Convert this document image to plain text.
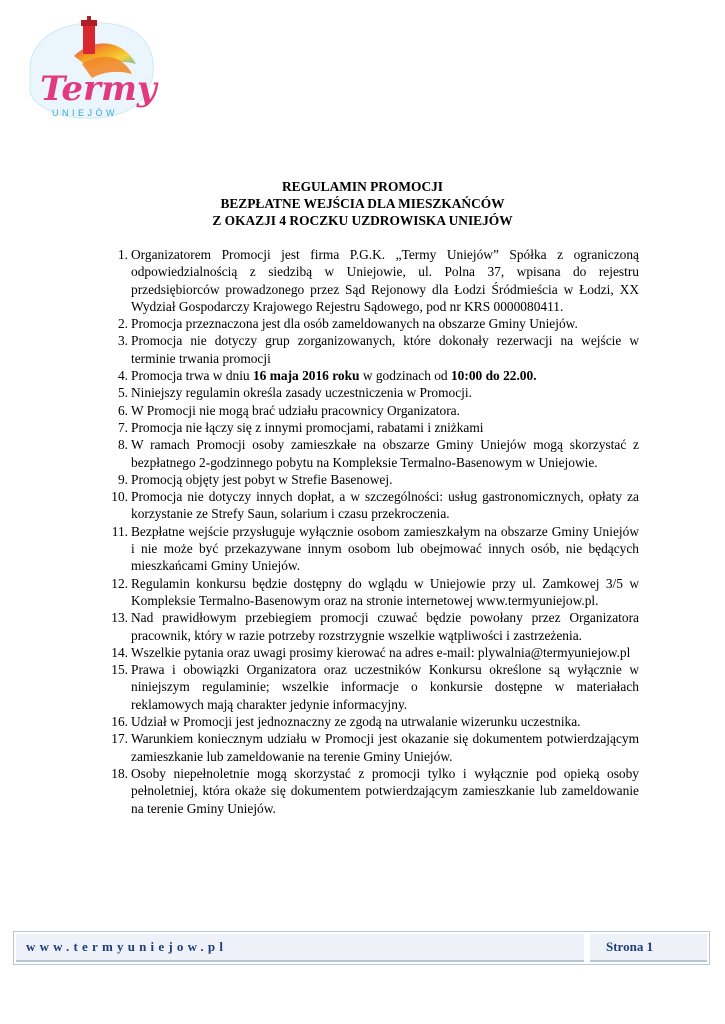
Termy
UNIEJÓW
REGULAMIN PROMOCJI
BEZPŁATNE WEJŚCIA DLA MIESZKAŃCÓW
Z OKAZJI 4 ROCZKU UZDROWISKA UNIEJÓW
1. Organizatorem Promocji jest firma P.G.K. „Termy Uniejów” Spółka z ograniczoną odpowiedzialnością z siedzibą w Uniejowie, ul. Polna 37, wpisana do rejestru przedsiębiorców prowadzonego przez Sąd Rejonowy dla Łodzi Śródmieścia w Łodzi, XX Wydział Gospodarczy Krajowego Rejestru Sądowego, pod nr KRS 0000080411.
2. Promocja przeznaczona jest dla osób zameldowanych na obszarze Gminy Uniejów.
3. Promocja nie dotyczy grup zorganizowanych, które dokonały rezerwacji na wejście w terminie trwania promocji
4. Promocja trwa w dniu 16 maja 2016 roku w godzinach od 10:00 do 22.00.
5. Niniejszy regulamin określa zasady uczestniczenia w Promocji.
6. W Promocji nie mogą brać udziału pracownicy Organizatora.
7. Promocja nie łączy się z innymi promocjami, rabatami i zniżkami
8. W ramach Promocji osoby zamieszkałe na obszarze Gminy Uniejów mogą skorzystać z bezpłatnego 2-godzinnego pobytu na Kompleksie Termalno-Basenowym w Uniejowie.
9. Promocją objęty jest pobyt w Strefie Basenowej.
10. Promocja nie dotyczy innych dopłat, a w szczególności: usług gastronomicznych, opłaty za korzystanie ze Strefy Saun, solarium i czasu przekroczenia.
11. Bezpłatne wejście przysługuje wyłącznie osobom zamieszkałym na obszarze Gminy Uniejów i nie może być przekazywane innym osobom lub obejmować innych osób, nie będących mieszkańcami Gminy Uniejów.
12. Regulamin konkursu będzie dostępny do wglądu w Uniejowie przy ul. Zamkowej 3/5 w Kompleksie Termalno-Basenowym oraz na stronie internetowej www.termyuniejow.pl.
13. Nad prawidłowym przebiegiem promocji czuwać będzie powołany przez Organizatora pracownik, który w razie potrzeby rozstrzygnie wszelkie wątpliwości i zastrzeżenia.
14. Wszelkie pytania oraz uwagi prosimy kierować na adres e-mail: plywalnia@termyuniejow.pl
15. Prawa i obowiązki Organizatora oraz uczestników Konkursu określone są wyłącznie w niniejszym regulaminie; wszelkie informacje o konkursie dostępne w materiałach reklamowych mają charakter jedynie informacyjny.
16. Udział w Promocji jest jednoznaczny ze zgodą na utrwalanie wizerunku uczestnika.
17. Warunkiem koniecznym udziału w Promocji jest okazanie się dokumentem potwierdzającym zamieszkanie lub zameldowanie na terenie Gminy Uniejów.
18. Osoby niepełnoletnie mogą skorzystać z promocji tylko i wyłącznie pod opieką osoby pełnoletniej, która okaże się dokumentem potwierdzającym zamieszkanie lub zameldowanie na terenie Gminy Uniejów.
www.termyuniejow.pl	Strona 1
